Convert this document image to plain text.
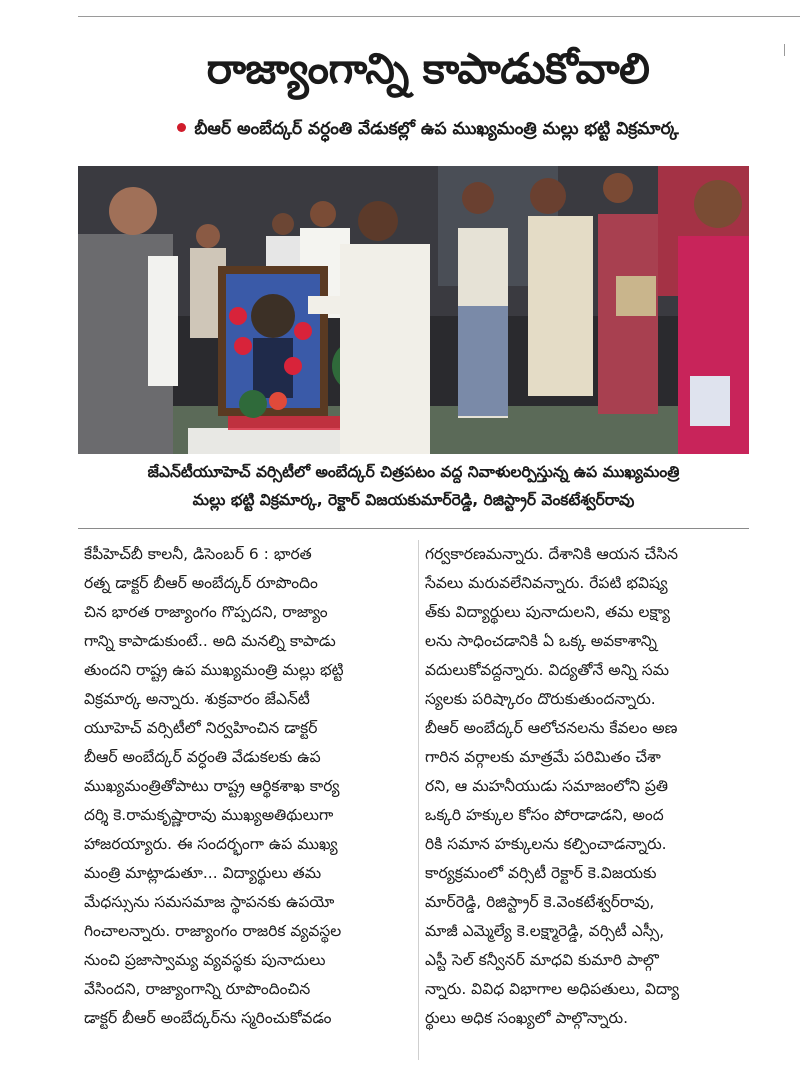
రాజ్యాంగాన్ని కాపాడుకోవాలి
బీఆర్ అంబేద్కర్ వర్ధంతి వేడుకల్లో ఉప ముఖ్యమంత్రి మల్లు భట్టి విక్రమార్క
జేఎన్‌టీయూహెచ్ వర్సిటీలో అంబేద్కర్ చిత్రపటం వద్ద నివాళులర్పిస్తున్న ఉప ముఖ్యమంత్రి
మల్లు భట్టి విక్రమార్క, రెక్టార్ విజయకుమార్‌రెడ్డి, రిజిస్ట్రార్ వెంకటేశ్వర్‌రావు
కేపీహెచ్‌బీ కాలనీ, డిసెంబర్ 6 : భారత
రత్న డాక్టర్ బీఆర్ అంబేద్కర్ రూపొందిం
చిన భారత రాజ్యాంగం గొప్పదని, రాజ్యాం
గాన్ని కాపాడుకుంటే.. అది మనల్ని కాపాడు
తుందని రాష్ట్ర ఉప ముఖ్యమంత్రి మల్లు భట్టి
విక్రమార్క అన్నారు. శుక్రవారం జేఎన్‌టీ
యూహెచ్ వర్సిటీలో నిర్వహించిన డాక్టర్
బీఆర్ అంబేద్కర్ వర్ధంతి వేడుకలకు ఉప
ముఖ్యమంత్రితోపాటు రాష్ట్ర ఆర్థికశాఖ కార్య
దర్శి కె.రామకృష్ణారావు ముఖ్యఅతిథులుగా
హాజరయ్యారు. ఈ సందర్భంగా ఉప ముఖ్య
మంత్రి మాట్లాడుతూ... విద్యార్థులు తమ
మేధస్సును సమసమాజ స్థాపనకు ఉపయో
గించాలన్నారు. రాజ్యాంగం రాజరిక వ్యవస్థల
నుంచి ప్రజాస్వామ్య వ్యవస్థకు పునాదులు
వేసిందని, రాజ్యాంగాన్ని రూపొందించిన
డాక్టర్ బీఆర్ అంబేద్కర్‌ను స్మరించుకోవడం
గర్వకారణమన్నారు. దేశానికి ఆయన చేసిన
సేవలు మరువలేనివన్నారు. రేపటి భవిష్య
త్‌కు విద్యార్థులు పునాదులని, తమ లక్ష్యా
లను సాధించడానికి ఏ ఒక్క అవకాశాన్ని
వదులుకోవద్దన్నారు. విద్యతోనే అన్ని సమ
స్యలకు పరిష్కారం దొరుకుతుందన్నారు.
బీఆర్ అంబేద్కర్ ఆలోచనలను కేవలం అణ
గారిన వర్గాలకు మాత్రమే పరిమితం చేశా
రని, ఆ మహనీయుడు సమాజంలోని ప్రతి
ఒక్కరి హక్కుల కోసం పోరాడాడని, అంద
రికి సమాన హక్కులను కల్పించాడన్నారు.
కార్యక్రమంలో వర్సిటీ రెక్టార్ కె.విజయకు
మార్‌రెడ్డి, రిజిస్ట్రార్ కె.వెంకటేశ్వర్‌రావు,
మాజీ ఎమ్మెల్యే కె.లక్ష్మారెడ్డి, వర్సిటీ ఎస్సీ,
ఎస్టీ సెల్ కన్వీనర్ మాధవి కుమారి పాల్గొ
న్నారు. వివిధ విభాగాల అధిపతులు, విద్యా
ర్థులు అధిక సంఖ్యలో పాల్గొన్నారు.
